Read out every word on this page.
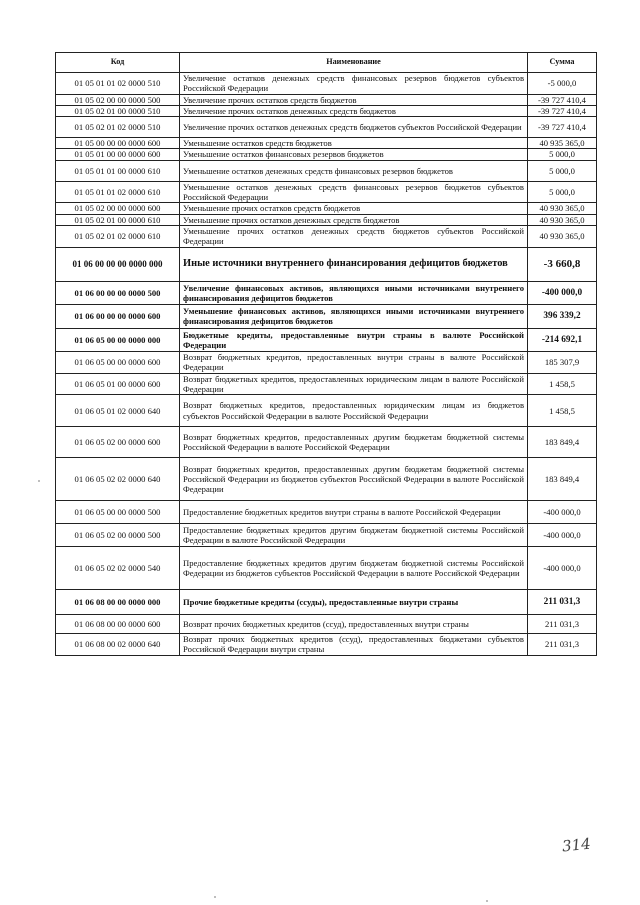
Код	Наименование	Сумма
01 05 01 01 02 0000 510	Увеличение остатков денежных средств финансовых резервов бюджетов субъектов Российской Федерации	-5 000,0
01 05 02 00 00 0000 500	Увеличение прочих остатков средств бюджетов	-39 727 410,4
01 05 02 01 00 0000 510	Увеличение прочих остатков денежных средств бюджетов	-39 727 410,4
01 05 02 01 02 0000 510	Увеличение прочих остатков денежных средств бюджетов субъектов Российской Федерации	-39 727 410,4
01 05 00 00 00 0000 600	Уменьшение остатков средств бюджетов	40 935 365,0
01 05 01 00 00 0000 600	Уменьшение остатков финансовых резервов бюджетов	5 000,0
01 05 01 01 00 0000 610	Уменьшение остатков денежных средств финансовых резервов бюджетов	5 000,0
01 05 01 01 02 0000 610	Уменьшение остатков денежных средств финансовых резервов бюджетов субъектов Российской Федерации	5 000,0
01 05 02 00 00 0000 600	Уменьшение прочих остатков средств бюджетов	40 930 365,0
01 05 02 01 00 0000 610	Уменьшение прочих остатков денежных средств бюджетов	40 930 365,0
01 05 02 01 02 0000 610	Уменьшение прочих остатков денежных средств бюджетов субъектов Российской Федерации	40 930 365,0
01 06 00 00 00 0000 000	Иные источники внутреннего финансирования дефицитов бюджетов	-3 660,8
01 06 00 00 00 0000 500	Увеличение финансовых активов, являющихся иными источниками внутреннего финансирования дефицитов бюджетов	-400 000,0
01 06 00 00 00 0000 600	Уменьшение финансовых активов, являющихся иными источниками внутреннего финансирования дефицитов бюджетов	396 339,2
01 06 05 00 00 0000 000	Бюджетные кредиты, предоставленные внутри страны в валюте Российской Федерации	-214 692,1
01 06 05 00 00 0000 600	Возврат бюджетных кредитов, предоставленных внутри страны в валюте Российской Федерации	185 307,9
01 06 05 01 00 0000 600	Возврат бюджетных кредитов, предоставленных юридическим лицам в валюте Российской Федерации	1 458,5
01 06 05 01 02 0000 640	Возврат бюджетных кредитов, предоставленных юридическим лицам из бюджетов субъектов Российской Федерации в валюте Российской Федерации	1 458,5
01 06 05 02 00 0000 600	Возврат бюджетных кредитов, предоставленных другим бюджетам бюджетной системы Российской Федерации в валюте Российской Федерации	183 849,4
01 06 05 02 02 0000 640	Возврат бюджетных кредитов, предоставленных другим бюджетам бюджетной системы Российской Федерации из бюджетов субъектов Российской Федерации в валюте Российской Федерации	183 849,4
01 06 05 00 00 0000 500	Предоставление бюджетных кредитов внутри страны в валюте Российской Федерации	-400 000,0
01 06 05 02 00 0000 500	Предоставление бюджетных кредитов другим бюджетам бюджетной системы Российской Федерации в валюте Российской Федерации	-400 000,0
01 06 05 02 02 0000 540	Предоставление бюджетных кредитов другим бюджетам бюджетной системы Российской Федерации из бюджетов субъектов Российской Федерации в валюте Российской Федерации	-400 000,0
01 06 08 00 00 0000 000	Прочие бюджетные кредиты (ссуды), предоставленные внутри страны	211 031,3
01 06 08 00 00 0000 600	Возврат прочих бюджетных кредитов (ссуд), предоставленных внутри страны	211 031,3
01 06 08 00 02 0000 640	Возврат прочих бюджетных кредитов (ссуд), предоставленных бюджетами субъектов Российской Федерации внутри страны	211 031,3
314
